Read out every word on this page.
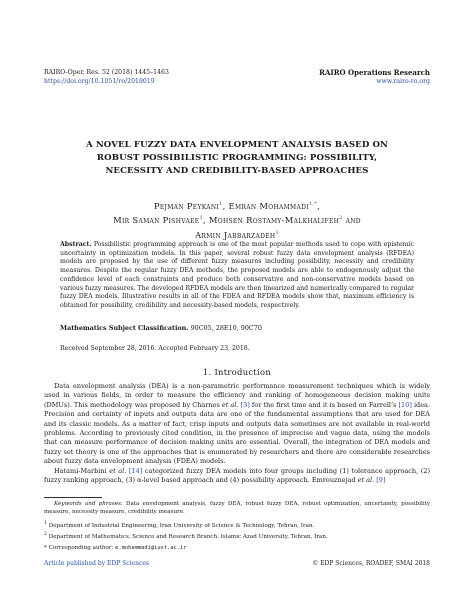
RAIRO-Oper. Res. 52 (2018) 1445–1463
https://doi.org/10.1051/ro/2018019
RAIRO Operations Research
www.rairo-ro.org
A NOVEL FUZZY DATA ENVELOPMENT ANALYSIS BASED ON
ROBUST POSSIBILISTIC PROGRAMMING: POSSIBILITY,
NECESSITY AND CREDIBILITY-BASED APPROACHES
Pejman Peykani$^1$, Emran Mohammadi$^{1,*}$,
Mir Saman Pishvaee$^1$, Mohsen Rostamy-Malkhalifeh$^2$ and
Armin Jabbarzadeh$^1$
Abstract. Possibilistic programming approach is one of the most popular methods used to cope with epistemic uncertainty in optimization models. In this paper, several robust fuzzy data envelopment analysis (RFDEA) models are proposed by the use of different fuzzy measures including possibility, necessity and credibility measures. Despite the regular fuzzy DEA methods, the proposed models are able to endogenously adjust the confidence level of each constraints and produce both conservative and non-conservative models based on various fuzzy measures. The developed RFDEA models are then linearized and numerically compared to regular fuzzy DEA models. Illustrative results in all of the FDEA and RFDEA models show that, maximum efficiency is obtained for possibility, credibility and necessity-based models, respectively.
Mathematics Subject Classification. 90C05, 28E10, 90C70
Received September 28, 2016. Accepted February 23, 2018.
1. Introduction

Data envelopment analysis (DEA) is a non-parametric performance measurement techniques which is widely used in various fields, in order to measure the efficiency and ranking of homogeneous decision making units (DMUs). This methodology was proposed by Charnes et al. [3] for the first time and it is based on Farrell’s [10] idea. Precision and certainty of inputs and outputs data are one of the fundamental assumptions that are used for DEA and its classic models. As a matter of fact, crisp inputs and outputs data sometimes are not available in real-world problems. According to previously cited condition, in the presence of imprecise and vague data, using the models that can measure performance of decision making units are essential. Overall, the integration of DEA models and fuzzy set theory is one of the approaches that is enumerated by researchers and there are considerable researches about fuzzy data envelopment analysis (FDEA) models.

Hatami-Marbini et al. [14] categorized fuzzy DEA models into four groups including (1) tolerance approach, (2) fuzzy ranking approach, (3) α-level based approach and (4) possibility approach. Emrouznejad et al. [9]

Keywords and phrases: Data envelopment analysis, fuzzy DEA, robust fuzzy DEA, robust optimization, uncertainty, possibility measure, necessity measure, credibility measure.
$^1$ Department of Industrial Engineering, Iran University of Science & Technology, Tehran, Iran.
$^2$ Department of Mathematics, Science and Research Branch, Islamic Azad University, Tehran, Iran.
* Corresponding author: e.mohammadi@iust.ac.ir
Article published by EDP Sciences	© EDP Sciences, ROADEF, SMAI 2018
